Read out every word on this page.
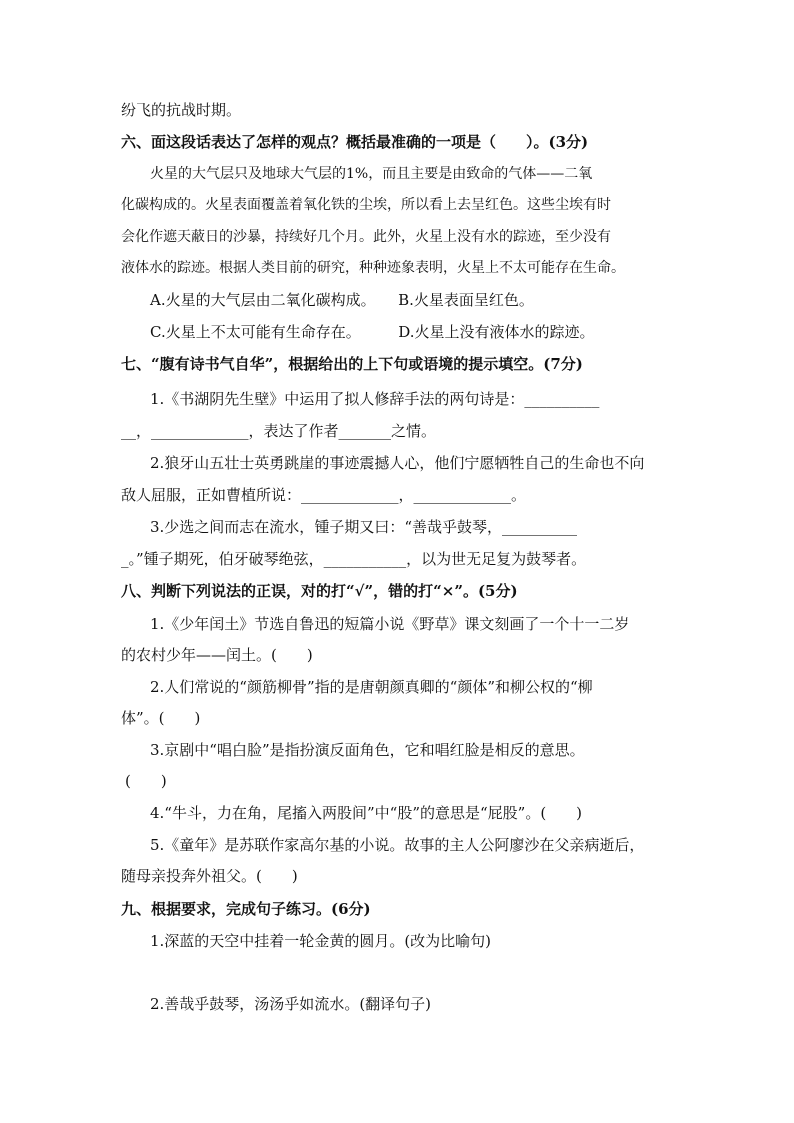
纷飞的抗战时期。
六、面这段话表达了怎样的观点？概括最准确的一项是（　　）。(3分)
火星的大气层只及地球大气层的1%，而且主要是由致命的气体——二氧
化碳构成的。火星表面覆盖着氧化铁的尘埃，所以看上去呈红色。这些尘埃有时
会化作遮天蔽日的沙暴，持续好几个月。此外，火星上没有水的踪迹，至少没有
液体水的踪迹。根据人类目前的研究，种种迹象表明，火星上不太可能存在生命。
A.火星的大气层由二氧化碳构成。　　B.火星表面呈红色。
C.火星上不太可能有生命存在。　　　D.火星上没有液体水的踪迹。
七、“腹有诗书气自华”，根据给出的上下句或语境的提示填空。(7分)
1.《书湖阴先生壁》中运用了拟人修辞手法的两句诗是：__________
__，_____________，表达了作者_______之情。
2.狼牙山五壮士英勇跳崖的事迹震撼人心，他们宁愿牺牲自己的生命也不向
敌人屈服，正如曹植所说：_____________，_____________。
3.少选之间而志在流水，锺子期又曰：“善哉乎鼓琴，__________
_。”锺子期死，伯牙破琴绝弦，___________，以为世无足复为鼓琴者。
八、判断下列说法的正误，对的打“√”，错的打“×”。(5分)
1.《少年闰土》节选自鲁迅的短篇小说《野草》课文刻画了一个十一二岁
的农村少年——闰土。(　　)
2.人们常说的“颜筋柳骨”指的是唐朝颜真卿的“颜体”和柳公权的“柳
体”。(　　)
3.京剧中“唱白脸”是指扮演反面角色，它和唱红脸是相反的意思。
(　　)
4.“牛斗，力在角，尾搐入两股间”中“股”的意思是“屁股”。(　　)
5.《童年》是苏联作家高尔基的小说。故事的主人公阿廖沙在父亲病逝后，
随母亲投奔外祖父。(　　)
九、根据要求，完成句子练习。(6分)
1.深蓝的天空中挂着一轮金黄的圆月。(改为比喻句)
2.善哉乎鼓琴，汤汤乎如流水。(翻译句子)
